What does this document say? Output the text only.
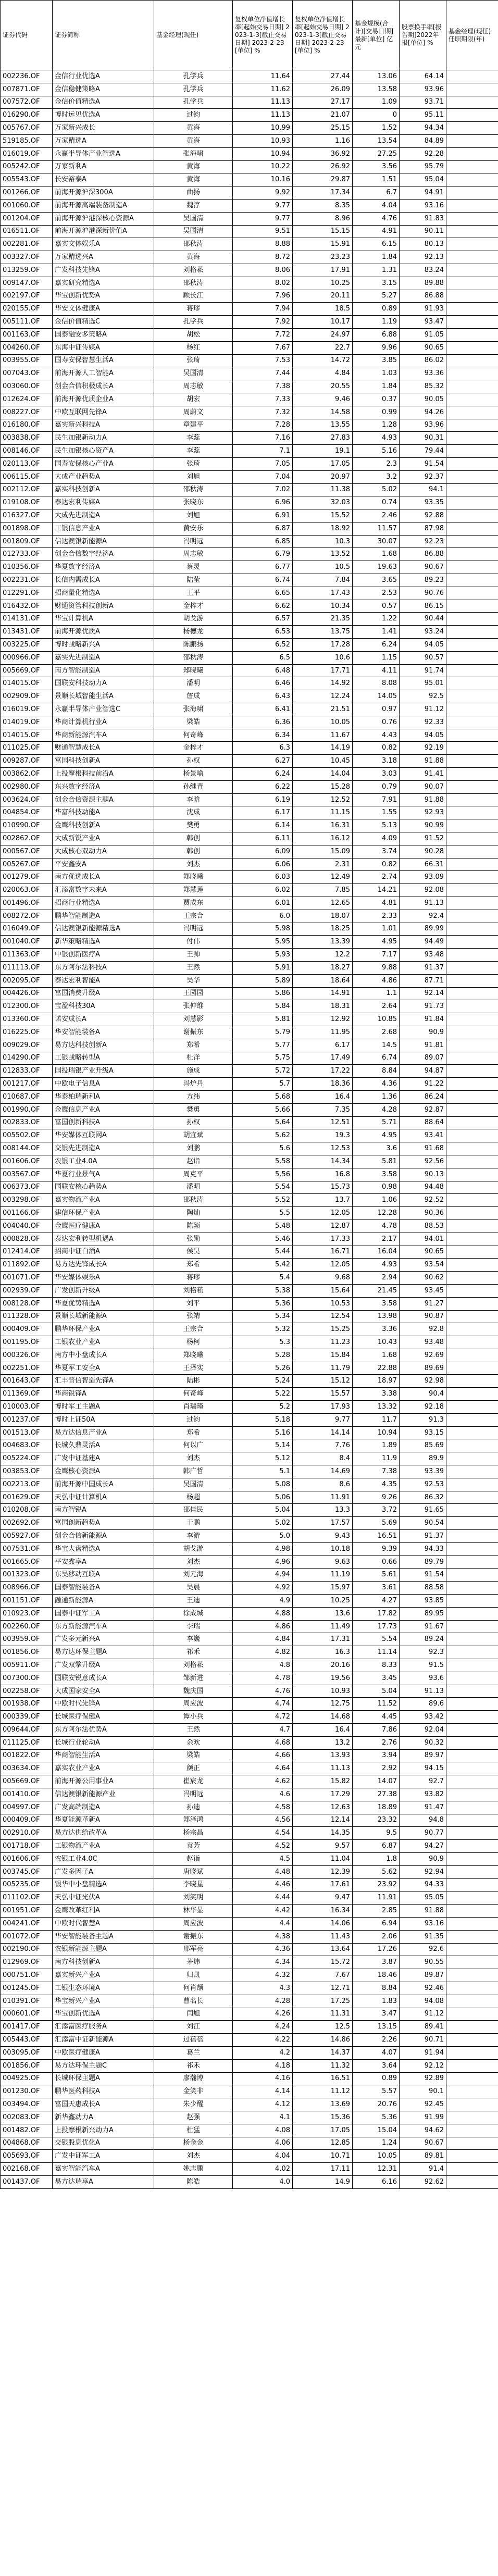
证券代码	证券简称	基金经理(现任)	复权单位净值增长率[起始交易日期] 2023-1-3[截止交易日期] 2023-2-23[单位] %	复权单位净值增长率[起始交易日期] 2023-1-3[截止交易日期] 2023-2-23[单位] %	基金规模(合计)[交易日期]最新[单位] 亿元	股票换手率[报告期]2022年报[单位] %	基金经理(现任)任职期限(年)
002236.OF	金信行业优选A	孔学兵	11.64	27.44	13.06	64.14	
007871.OF	金信稳健策略A	孔学兵	11.62	26.09	13.58	93.96	
007572.OF	金信价值精选A	孔学兵	11.13	27.17	1.09	93.71	
016290.OF	博时远见优选A	过钧	11.13	21.07	0	95.11	
005767.OF	万家新兴成长	黄海	10.99	25.15	1.52	94.34	
519185.OF	万家精选A	黄海	10.93	1.16	13.54	84.89	
016019.OF	永赢半导体产业智选A	张海啸	10.94	36.92	27.25	92.28	
005242.OF	万家新利A	黄海	10.22	26.92	3.56	95.79	
005543.OF	长安裕泰A	黄海	10.16	29.87	1.51	95.04	
001266.OF	前海开源沪深300A	曲扬	9.92	17.34	6.7	94.91	
001060.OF	前海开源高端装备制造A	魏淳	9.77	8.35	4.04	93.16	
001204.OF	前海开源沪港深核心资源A	吴国清	9.77	8.96	4.76	91.83	
016511.OF	前海开源沪港深新价值A	吴国清	9.51	15.15	4.91	90.11	
002281.OF	嘉实文体娱乐A	邵秋涛	8.88	15.91	6.15	80.13	
003327.OF	万家精选兴A	黄海	8.72	23.23	1.84	92.13	
013259.OF	广发科技先锋A	刘格菘	8.06	17.91	1.31	83.24	
009147.OF	嘉实研究精选A	邵秋涛	8.02	10.25	3.15	89.88	
002197.OF	华宝创新优势A	顾长江	7.96	20.11	5.27	86.88	
020155.OF	华安文体健康A	蒋璆	7.94	18.5	0.89	91.93	
005111.OF	金信价值精选C	孔学兵	7.92	10.17	1.19	93.47	
001163.OF	国泰融安多策略A	胡松	7.72	24.97	6.88	91.05	
004260.OF	东海中证传媒A	杨红	7.67	22.7	9.96	90.65	
003955.OF	国寿安保智慧生活A	张琦	7.53	14.72	3.85	86.02	
007043.OF	前海开源人工智能A	吴国清	7.44	4.84	1.03	93.36	
003060.OF	创金合信积极成长A	周志敏	7.38	20.55	1.84	85.32	
012624.OF	前海开源优质企业A	胡宏	7.33	9.46	0.37	90.05	
008227.OF	中欧互联网先锋A	周蔚文	7.32	14.58	0.99	94.26	
016180.OF	嘉实新兴科技A	章建平	7.28	13.55	1.28	93.96	
003838.OF	民生加银新动力A	李蕊	7.16	27.83	4.93	90.31	
008146.OF	民生加银核心资产A	李蕊	7.1	19.1	5.16	79.44	
020113.OF	国寿安保核心产业A	张琦	7.05	17.05	2.3	91.54	
006115.OF	大成产业趋势A	刘旭	7.04	20.97	3.2	92.37	
002112.OF	嘉实科技创新A	邵秋涛	7.02	11.38	5.02	94.1	
019108.OF	泰达宏利传媒A	张晓东	6.96	32.03	0.74	93.35	
016327.OF	大成先进制造A	刘旭	6.91	15.52	2.46	92.88	
001898.OF	工银信息产业A	黄安乐	6.87	18.92	11.57	87.98	
001809.OF	信达澳银新能源A	冯明远	6.85	10.3	30.07	92.23	
012733.OF	创金合信数字经济A	周志敏	6.79	13.52	1.68	86.88	
010356.OF	华夏数字经济A	蔡灵	6.77	10.5	19.63	90.67	
002231.OF	长信内需成长A	陆莹	6.74	7.84	3.65	89.23	
012291.OF	招商量化精选A	王平	6.65	17.43	2.53	90.76	
016432.OF	财通资管科技创新A	金梓才	6.62	10.34	0.57	86.15	
014131.OF	华宝计算机A	胡戈游	6.57	21.35	1.22	90.44	
013431.OF	前海开源优质A	杨德龙	6.53	13.75	1.41	93.24	
003225.OF	博时战略新兴A	陈鹏扬	6.52	17.28	6.24	94.05	
000966.OF	嘉实先进制造A	邵秋涛	6.5	10.6	1.15	90.57	
005669.OF	南方智能制造A	郑晓曦	6.48	17.71	4.11	91.74	
014015.OF	国联安科技动力A	潘明	6.46	14.92	8.08	95.01	
002909.OF	景顺长城智能生活A	詹成	6.43	12.24	14.05	92.5	
016019.OF	永赢半导体产业智选C	张海啸	6.41	21.51	0.97	91.12	
014019.OF	华商计算机行业A	梁皓	6.36	10.05	0.76	92.33	
014015.OF	华商新能源汽车A	何奇峰	6.34	11.67	4.43	94.05	
011025.OF	财通智慧成长A	金梓才	6.3	14.19	0.82	92.19	
009287.OF	富国科技创新A	孙权	6.27	10.45	3.18	91.88	
003862.OF	上投摩根科技前沿A	杨景喻	6.24	14.04	3.03	91.41	
002980.OF	东兴数字经济A	孙继青	6.22	15.28	0.79	90.07	
003624.OF	创金合信资源主题A	李晗	6.19	12.52	7.91	91.88	
004854.OF	华富科技动能A	沈成	6.17	11.15	1.55	92.93	
010990.OF	金鹰科技创新A	樊勇	6.14	16.31	5.13	90.99	
002862.OF	大成新锐产业A	韩创	6.11	16.12	4.09	91.52	
000567.OF	大成核心双动力A	韩创	6.09	15.09	3.74	90.28	
005267.OF	平安鑫安A	刘杰	6.06	2.31	0.82	66.31	
001279.OF	南方优选成长A	郑晓曦	6.03	12.49	2.74	93.09	
020063.OF	汇添富数字未来A	郑慧莲	6.02	7.85	14.21	92.08	
001496.OF	招商行业精选A	贾成东	6.01	12.65	4.81	91.13	
008272.OF	鹏华智能制造A	王宗合	6.0	18.07	2.33	92.4	
016049.OF	信达澳银新能源精选A	冯明远	5.98	18.25	1.01	89.99	
001040.OF	新华策略精选A	付伟	5.95	13.39	4.95	94.49	
011363.OF	中银创新医疗A	王帅	5.93	12.2	7.17	93.48	
011113.OF	东方阿尔法科技A	王然	5.91	18.27	9.88	91.37	
002095.OF	泰达宏利智能A	吴华	5.89	18.64	4.86	87.71	
004426.OF	富国消费升级A	王园园	5.86	14.91	1.1	92.14	
012300.OF	宝盈科技30A	张仲维	5.84	18.31	2.64	91.73	
013360.OF	诺安成长A	刘慧影	5.81	12.92	10.85	91.84	
016225.OF	华安智能装备A	谢振东	5.79	11.95	2.68	90.9	
009029.OF	易方达科技创新A	郑希	5.77	6.17	14.5	91.81	
014290.OF	工银战略转型A	杜洋	5.75	17.49	6.74	89.07	
012833.OF	国投瑞银产业升级A	施成	5.72	17.22	8.84	94.87	
001217.OF	中欧电子信息A	冯炉丹	5.7	18.36	4.36	91.22	
010687.OF	华泰柏瑞新利A	方纬	5.68	16.4	1.36	86.24	
001990.OF	金鹰信息产业A	樊勇	5.66	7.35	4.28	92.87	
002833.OF	富国创新科技A	孙权	5.64	12.51	5.71	88.64	
005502.OF	华安媒体互联网A	胡宜斌	5.62	19.3	4.95	93.41	
008144.OF	交银先进制造A	刘鹏	5.6	12.53	3.6	91.68	
001606.OF	农银工业4.0A	赵诣	5.58	14.34	5.81	92.56	
003567.OF	华夏行业景气A	周克平	5.56	16.8	3.58	90.13	
006373.OF	国联安核心趋势A	潘明	5.54	15.73	0.98	94.48	
003298.OF	嘉实物流产业A	邵秋涛	5.52	13.7	1.06	92.52	
001166.OF	建信环保产业A	陶灿	5.5	12.05	12.28	90.36	
004040.OF	金鹰医疗健康A	陈颖	5.48	12.87	4.78	88.53	
000828.OF	泰达宏利转型机遇A	张勋	5.46	17.33	2.17	94.01	
012414.OF	招商中证白酒A	侯昊	5.44	16.71	16.04	90.65	
011892.OF	易方达先锋成长A	郑希	5.42	12.05	4.93	93.54	
001071.OF	华安媒体娱乐A	蒋璆	5.4	9.68	2.94	90.62	
002939.OF	广发创新升级A	刘格菘	5.38	15.64	21.45	93.45	
008128.OF	华夏优势精选A	刘平	5.36	10.53	3.58	91.27	
011328.OF	景顺长城新能源A	张靖	5.34	12.54	13.98	90.87	
000409.OF	鹏华环保产业A	王宗合	5.32	15.25	3.36	92.8	
001195.OF	工银农业产业A	杨柯	5.3	11.23	10.43	93.48	
000326.OF	南方中小盘成长A	郑晓曦	5.28	15.84	1.68	92.69	
002251.OF	华夏军工安全A	王泽实	5.26	11.79	22.88	89.69	
001643.OF	汇丰晋信智造先锋A	陆彬	5.24	15.12	18.97	92.98	
011369.OF	华商锐锋A	何奇峰	5.22	15.57	3.38	90.4	
010003.OF	博时军工主题A	肖瑞瑾	5.2	17.93	13.32	92.18	
001237.OF	博时上证50A	过钧	5.18	9.77	11.7	91.3	
001513.OF	易方达信息产业A	郑希	5.16	14.14	10.94	93.15	
004683.OF	长城久鼎灵活A	何以广	5.14	7.76	1.89	85.69	
005224.OF	广发中证基建A	刘杰	5.12	8.4	11.9	89.9	
003853.OF	金鹰核心资源A	韩广哲	5.1	14.69	7.38	93.39	
002213.OF	前海开源中国成长A	吴国清	5.08	8.6	4.35	92.53	
001629.OF	天弘中证计算机A	杨超	5.06	11.91	9.26	86.32	
010208.OF	南方智锐A	邵佳民	5.04	13.3	3.72	91.65	
002692.OF	富国创新趋势A	于鹏	5.02	17.57	5.69	90.54	
005927.OF	创金合信新能源A	李游	5.0	9.43	16.51	91.37	
007531.OF	华宝大盘精选A	胡戈游	4.98	10.18	9.39	94.33	
001665.OF	平安鑫享A	刘杰	4.96	9.63	0.66	89.79	
001323.OF	东吴移动互联A	刘元海	4.94	11.19	5.61	91.54	
008966.OF	国泰智能装备A	吴晨	4.92	15.97	3.61	88.58	
001151.OF	融通新能源A	王迪	4.9	10.25	4.27	93.85	
010923.OF	国泰中证军工A	徐成城	4.88	13.6	17.82	89.95	
002260.OF	东方新能源汽车A	李瑞	4.86	11.49	17.73	91.67	
003959.OF	广发多元新兴A	李巍	4.84	17.31	5.54	89.24	
001856.OF	易方达环保主题A	祁禾	4.82	16.3	11.14	92.3	
005911.OF	广发双擎升级A	刘格菘	4.8	20.16	8.33	91.5	
007300.OF	国联安锐意成长A	邹新进	4.78	19.56	3.45	93.6	
002258.OF	大成国家安全A	魏庆国	4.76	10.93	5.04	91.13	
001938.OF	中欧时代先锋A	周应波	4.74	12.75	11.52	89.6	
000339.OF	长城医疗保健A	谭小兵	4.72	14.68	4.45	93.42	
009644.OF	东方阿尔法优势A	王然	4.7	16.4	7.86	92.04	
011125.OF	长城行业轮动A	余欢	4.68	13.2	2.76	90.32	
001822.OF	华商智能生活A	梁皓	4.66	13.93	3.94	89.97	
003634.OF	嘉实农业产业A	颜正	4.64	11.13	2.92	94.15	
005669.OF	前海开源公用事业A	崔宸龙	4.62	15.82	14.07	92.7	
001410.OF	信达澳银新能源产业	冯明远	4.6	17.29	27.38	93.82	
004997.OF	广发高端制造A	孙迪	4.58	12.63	18.89	91.47	
000409.OF	华夏能源革新A	郑泽鸿	4.56	12.14	23.32	94.8	
002910.OF	易方达供给改革A	杨宗昌	4.54	14.35	9.5	90.77	
001718.OF	工银物流产业A	袁芳	4.52	9.57	6.87	94.27	
001606.OF	农银工业4.0C	赵诣	4.5	11.04	1.8	90.9	
003745.OF	广发多因子A	唐晓斌	4.48	12.39	5.62	92.94	
005235.OF	银华中小盘精选A	李晓星	4.46	17.61	23.92	94.33	
011102.OF	天弘中证光伏A	刘笑明	4.44	9.47	11.91	95.05	
001951.OF	金鹰改革红利A	林华显	4.42	16.34	2.85	91.88	
004241.OF	中欧时代智慧A	周应波	4.4	14.06	6.94	93.16	
001072.OF	华安智能装备主题A	谢振东	4.38	11.43	2.06	91.35	
002190.OF	农银新能源主题A	邢军亮	4.36	13.64	17.26	92.6	
012969.OF	南方科技创新A	茅炜	4.34	15.72	3.87	90.55	
000751.OF	嘉实新兴产业A	归凯	4.32	7.67	18.46	89.87	
001245.OF	工银生态环境A	何肖颉	4.3	12.71	8.84	92.46	
010391.OF	华宝新兴产业A	曹名长	4.28	17.25	1.83	94.08	
000601.OF	华宝创新优选A	闫旭	4.26	11.31	3.47	91.12	
001417.OF	汇添富医疗服务A	刘江	4.24	12.5	13.15	89.41	
005443.OF	汇添富中证新能源A	过蓓蓓	4.22	14.86	2.26	90.71	
003095.OF	中欧医疗健康A	葛兰	4.2	14.37	4.07	91.94	
001856.OF	易方达环保主题C	祁禾	4.18	11.32	3.64	92.12	
004925.OF	长城环保主题A	廖瀚博	4.16	16.51	0.89	92.89	
001230.OF	鹏华医药科技A	金笑非	4.14	11.12	5.57	90.1	
003494.OF	富国天惠成长A	朱少醒	4.12	13.69	20.76	92.45	
002083.OF	新华鑫动力A	赵强	4.1	15.36	5.36	91.99	
001482.OF	上投摩根新兴动力A	杜猛	4.08	17.05	15.04	94.62	
004868.OF	交银股息优化A	杨金金	4.06	12.85	1.24	90.67	
005693.OF	广发中证军工A	刘杰	4.04	10.71	10.05	89.81	
002168.OF	嘉实智能汽车A	姚志鹏	4.02	17.11	12.31	91.4	
001437.OF	易方达瑞享A	陈皓	4.0	14.9	6.16	92.62	
